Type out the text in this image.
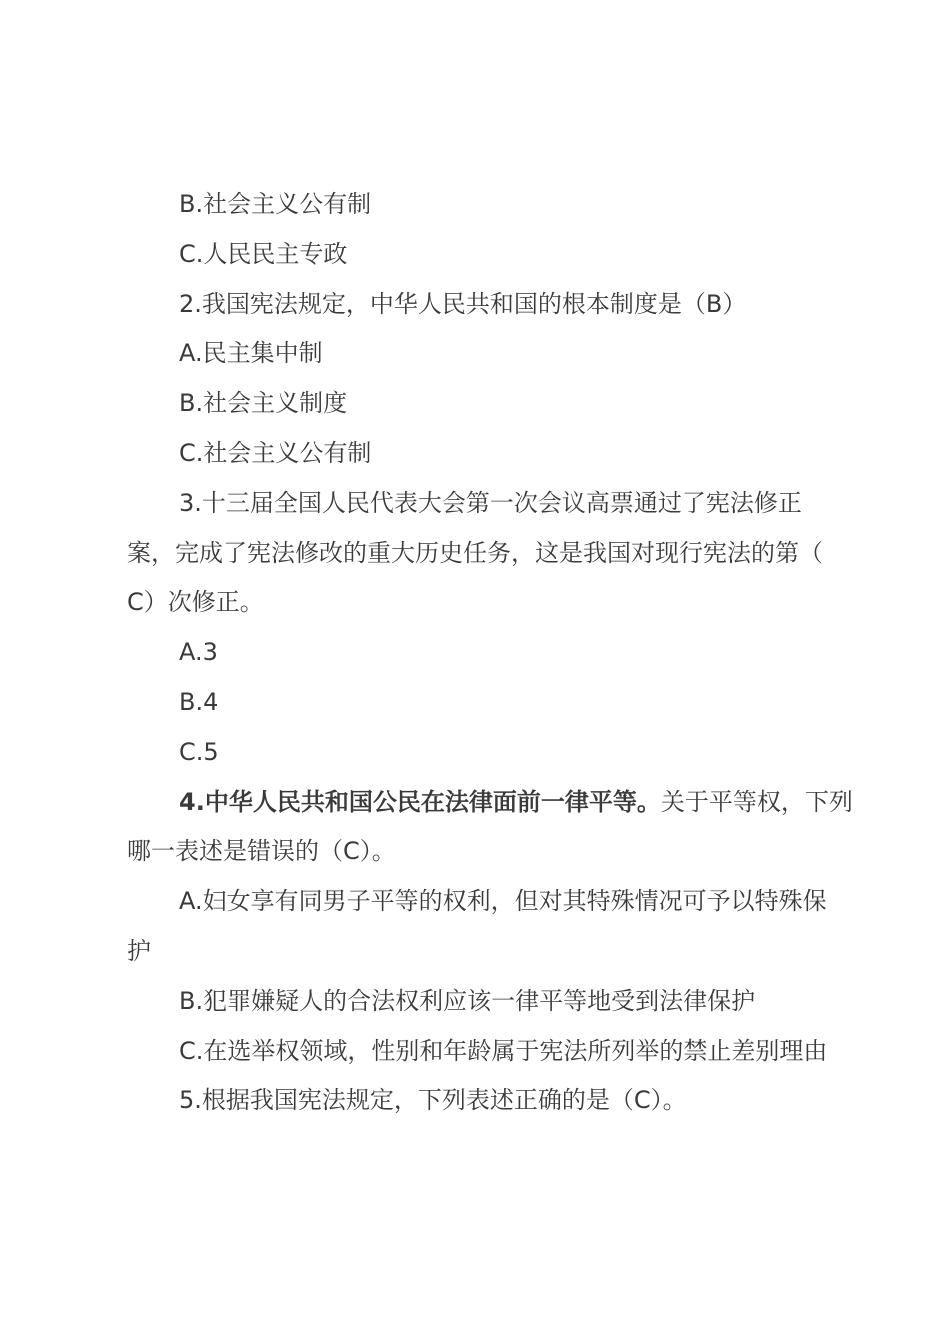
B.社会主义公有制

C.人民民主专政

2.我国宪法规定，中华人民共和国的根本制度是（B）

A.民主集中制

B.社会主义制度

C.社会主义公有制

3.十三届全国人民代表大会第一次会议高票通过了宪法修正案，完成了宪法修改的重大历史任务，这是我国对现行宪法的第（ C）次修正。

A.3

B.4

C.5

4.中华人民共和国公民在法律面前一律平等。关于平等权，下列哪一表述是错误的（C）。

A.妇女享有同男子平等的权利，但对其特殊情况可予以特殊保护

B.犯罪嫌疑人的合法权利应该一律平等地受到法律保护

C.在选举权领域，性别和年龄属于宪法所列举的禁止差别理由

5.根据我国宪法规定，下列表述正确的是（C）。
